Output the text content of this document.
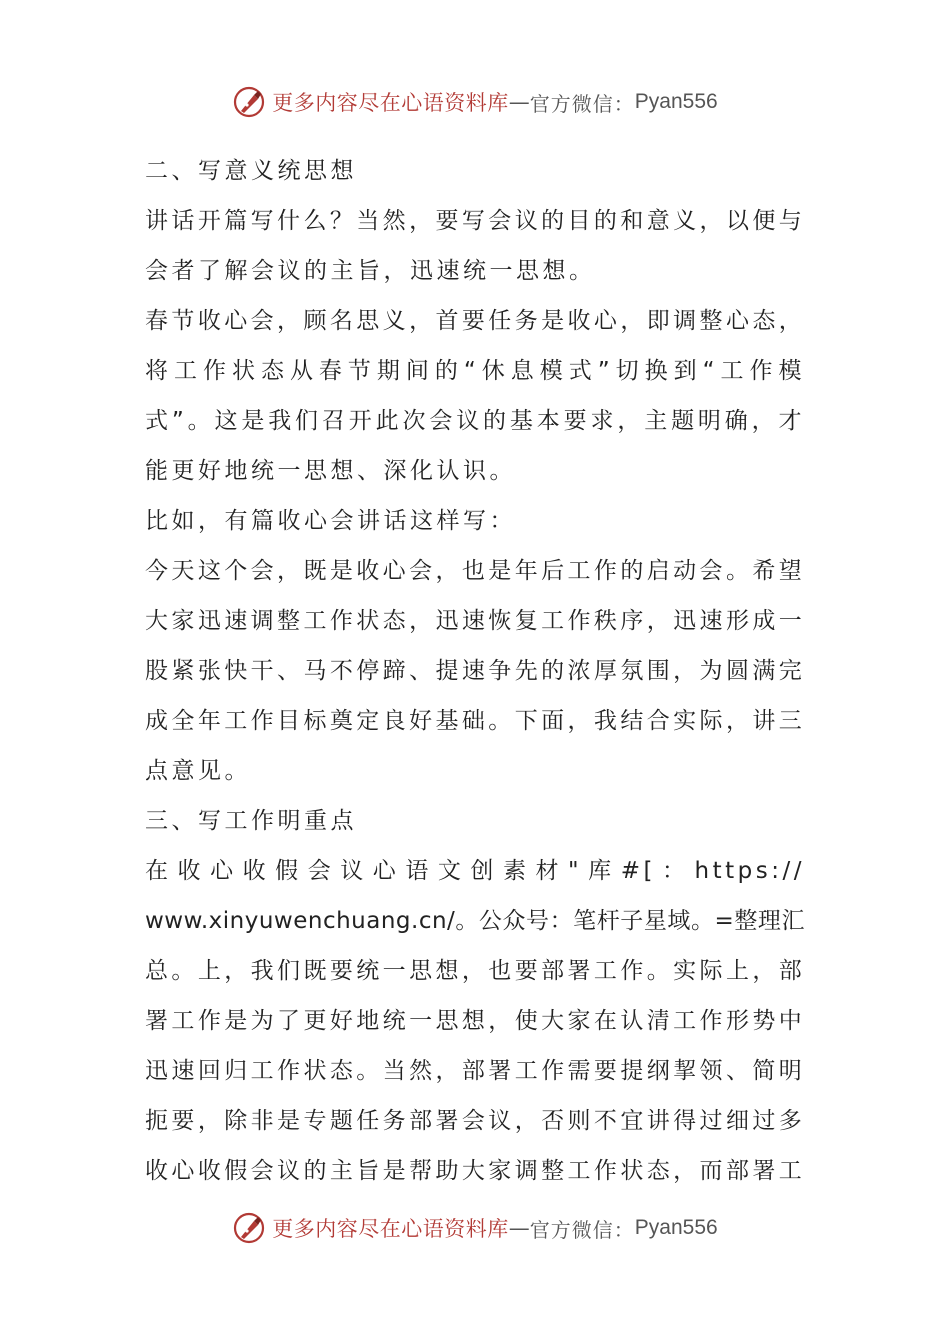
更多内容尽在心语资料库 — 官方微信： Pyan556
二、写意义统思想
讲话开篇写什么？当然，要写会议的目的和意义，以便与
会者了解会议的主旨，迅速统一思想。
春节收心会，顾名思义，首要任务是收心，即调整心态，
将工作状态从春节期间的“休息模式”切换到“工作模
式”。这是我们召开此次会议的基本要求，主题明确，才
能更好地统一思想、深化认识。
比如，有篇收心会讲话这样写：
今天这个会，既是收心会，也是年后工作的启动会。希望
大家迅速调整工作状态，迅速恢复工作秩序，迅速形成一
股紧张快干、马不停蹄、提速争先的浓厚氛围，为圆满完
成全年工作目标奠定良好基础。下面，我结合实际，讲三
点意见。
三、写工作明重点
在收心收假会议心语文创素材"库#[：https://
www.xinyuwenchuang.cn/。公众号：笔杆子星域。=整理汇
总。上，我们既要统一思想，也要部署工作。实际上，部
署工作是为了更好地统一思想，使大家在认清工作形势中
迅速回归工作状态。当然，部署工作需要提纲挈领、简明
扼要，除非是专题任务部署会议，否则不宜讲得过细过多
收心收假会议的主旨是帮助大家调整工作状态，而部署工
更多内容尽在心语资料库 — 官方微信： Pyan556
